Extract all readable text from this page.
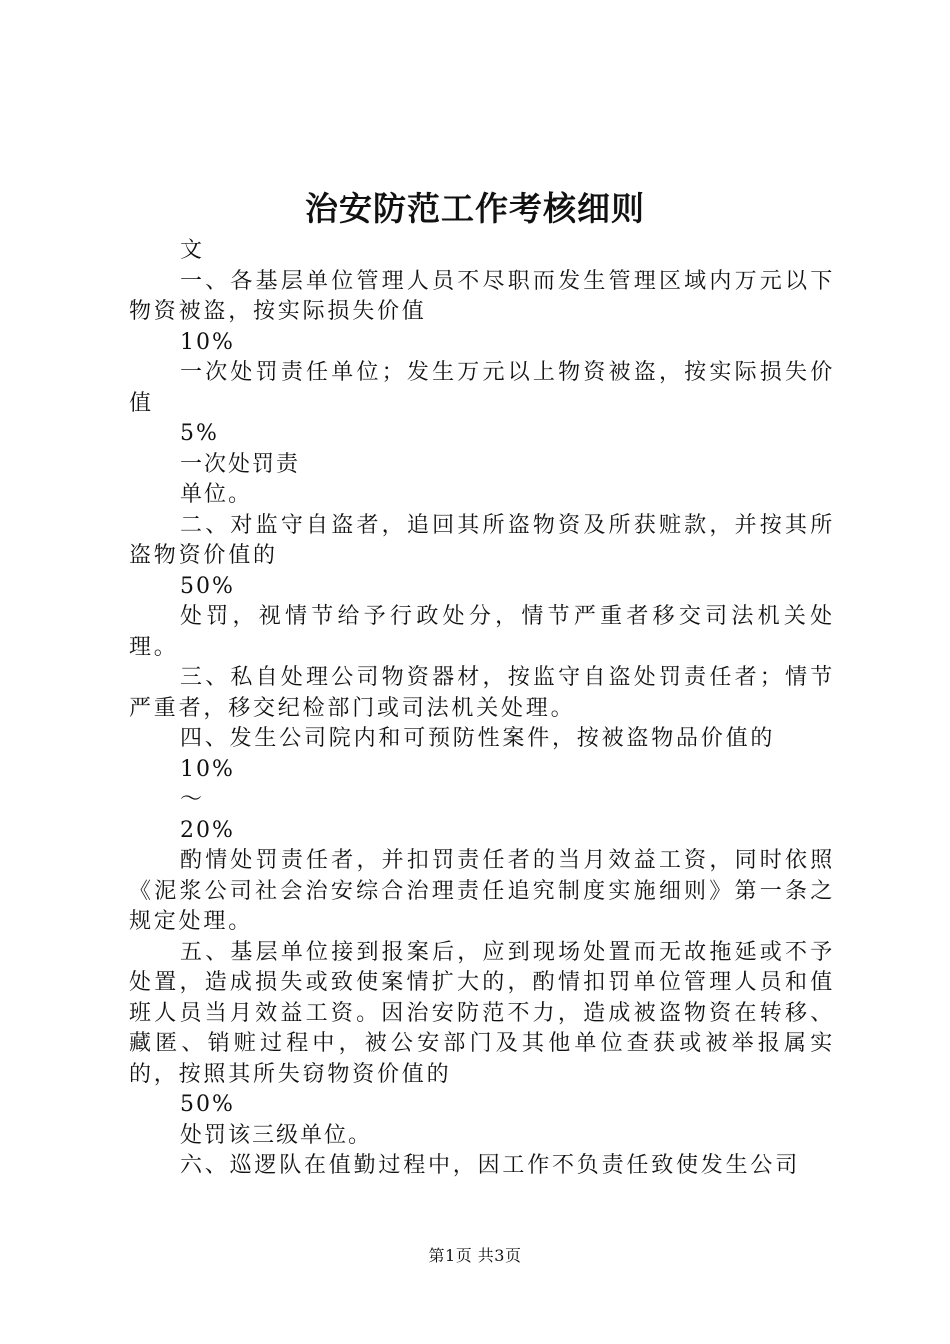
治安防范工作考核细则

文

一、各基层单位管理人员不尽职而发生管理区域内万元以下物资被盗，按实际损失价值

10%

一次处罚责任单位；发生万元以上物资被盗，按实际损失价值

5%

一次处罚责

单位。

二、对监守自盗者，追回其所盗物资及所获赃款，并按其所盗物资价值的

50%

处罚，视情节给予行政处分，情节严重者移交司法机关处理。

三、私自处理公司物资器材，按监守自盗处罚责任者；情节严重者，移交纪检部门或司法机关处理。

四、发生公司院内和可预防性案件，按被盗物品价值的

10%

～

20%

酌情处罚责任者，并扣罚责任者的当月效益工资，同时依照《泥浆公司社会治安综合治理责任追究制度实施细则》第一条之规定处理。

五、基层单位接到报案后，应到现场处置而无故拖延或不予处置，造成损失或致使案情扩大的，酌情扣罚单位管理人员和值班人员当月效益工资。因治安防范不力，造成被盗物资在转移、藏匿、销赃过程中，被公安部门及其他单位查获或被举报属实的，按照其所失窃物资价值的

50%

处罚该三级单位。

六、巡逻队在值勤过程中，因工作不负责任致使发生公司

第1页 共3页
